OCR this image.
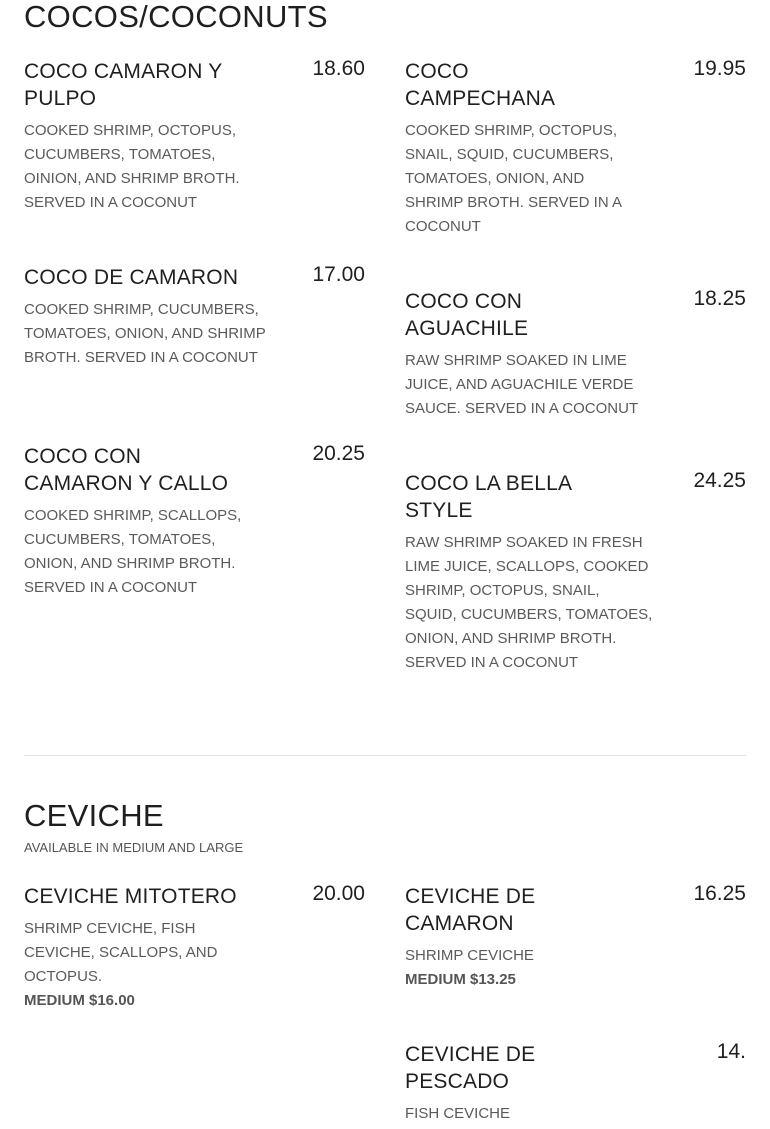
COCOS/COCONUTS
COCO CAMARON Y PULPO
18.60
COOKED SHRIMP, OCTOPUS, CUCUMBERS, TOMATOES, OINION, AND SHRIMP BROTH. SERVED IN A COCONUT
COCO CAMPECHANA
19.95
COOKED SHRIMP, OCTOPUS, SNAIL, SQUID, CUCUMBERS, TOMATOES, ONION, AND SHRIMP BROTH. SERVED IN A COCONUT
COCO DE CAMARON	17.00
COOKED SHRIMP, CUCUMBERS, TOMATOES, ONION, AND SHRIMP BROTH. SERVED IN A COCONUT
COCO CON AGUACHILE
18.25
RAW SHRIMP SOAKED IN LIME JUICE, AND AGUACHILE VERDE SAUCE. SERVED IN A COCONUT
COCO CON CAMARON Y CALLO
20.25
COOKED SHRIMP, SCALLOPS, CUCUMBERS, TOMATOES, ONION, AND SHRIMP BROTH. SERVED IN A COCONUT
COCO LA BELLA STYLE
24.25
RAW SHRIMP SOAKED IN FRESH LIME JUICE, SCALLOPS, COOKED SHRIMP, OCTOPUS, SNAIL, SQUID, CUCUMBERS, TOMATOES, ONION, AND SHRIMP BROTH. SERVED IN A COCONUT
CEVICHE
AVAILABLE IN MEDIUM AND LARGE
CEVICHE MITOTERO	20.00
SHRIMP CEVICHE, FISH CEVICHE, SCALLOPS, AND OCTOPUS.
MEDIUM $16.00
CEVICHE DE CAMARON
16.25
SHRIMP CEVICHE
MEDIUM $13.25
CEVICHE DE PESCADO
14.
FISH CEVICHE
